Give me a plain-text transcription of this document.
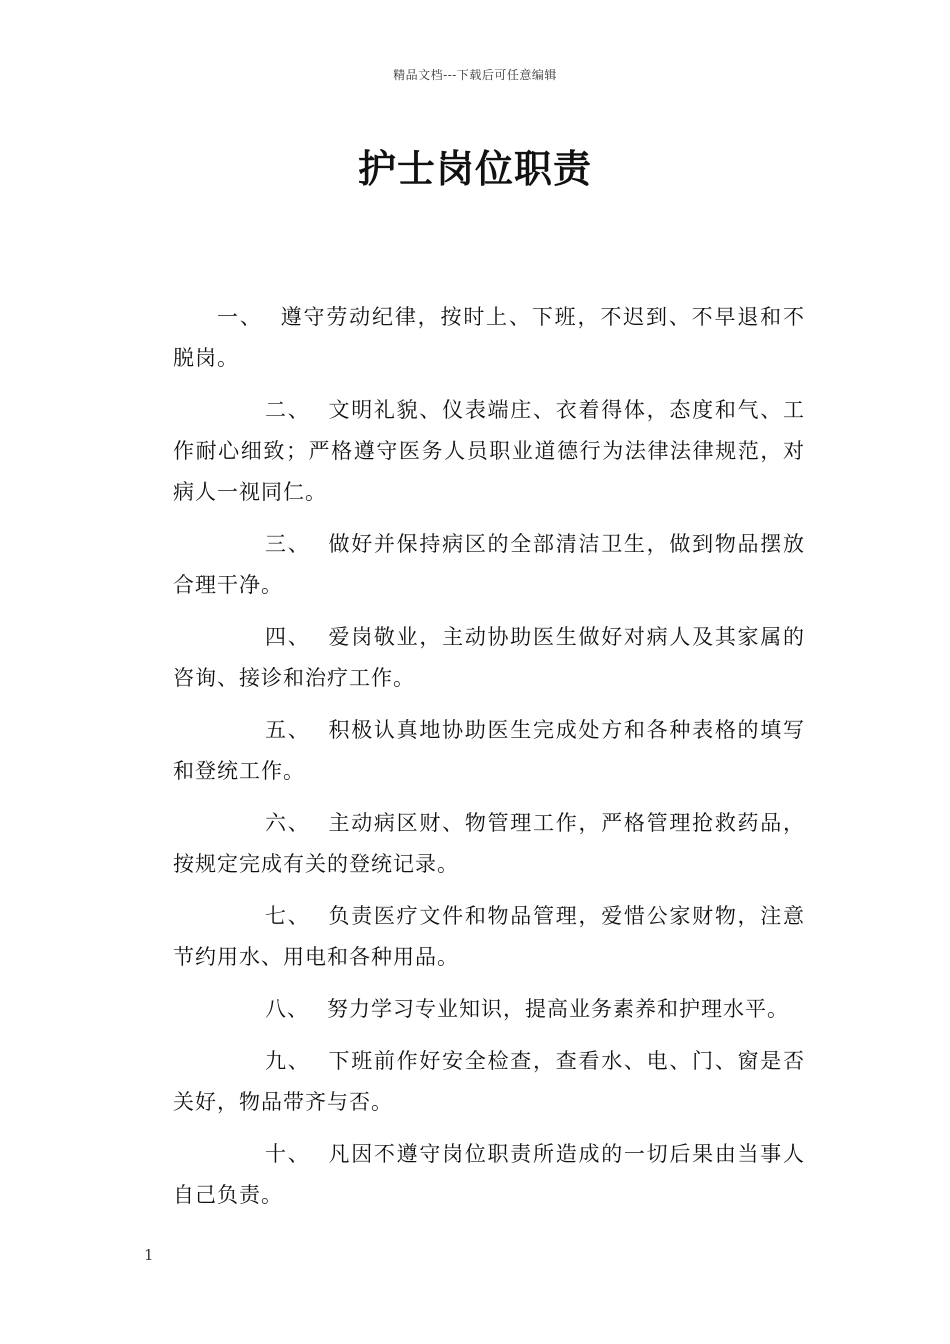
精品文档---下载后可任意编辑
护士岗位职责

一、 遵守劳动纪律，按时上、下班，不迟到、不早退和不脱岗。

二、 文明礼貌、仪表端庄、衣着得体，态度和气、工作耐心细致；严格遵守医务人员职业道德行为法律法律规范，对病人一视同仁。

三、 做好并保持病区的全部清洁卫生，做到物品摆放合理干净。

四、 爱岗敬业，主动协助医生做好对病人及其家属的咨询、接诊和治疗工作。

五、 积极认真地协助医生完成处方和各种表格的填写和登统工作。

六、 主动病区财、物管理工作，严格管理抢救药品，按规定完成有关的登统记录。

七、 负责医疗文件和物品管理，爱惜公家财物，注意节约用水、用电和各种用品。

八、 努力学习专业知识，提高业务素养和护理水平。

九、 下班前作好安全检查，查看水、电、门、窗是否关好，物品带齐与否。

十、 凡因不遵守岗位职责所造成的一切后果由当事人自己负责。

1
